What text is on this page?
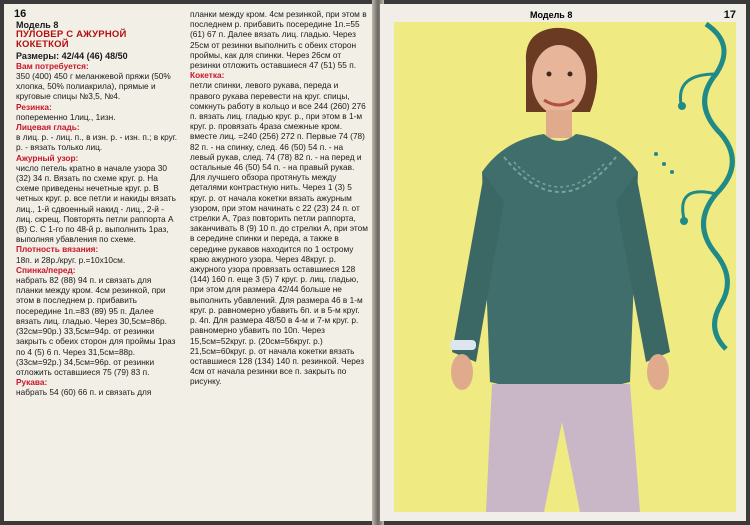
16

Модель 8

ПУЛОВЕР С АЖУРНОЙ КОКЕТКОЙ

Размеры: 42/44 (46) 48/50

Вам потребуется:

350 (400) 450 г меланжевой пряжи (50% хлопка, 50% полиакрила), прямые и круговые спицы №3,5, №4.

Резинка:

попеременно 1лиц., 1изн.

Лицевая гладь:

в лиц. р. - лиц. п., в изн. р. - изн. п.; в круг. р. - вязать только лиц.

Ажурный узор:

число петель кратно в начале узора 30 (32) 34 п. Вязать по схеме круг. р. На схеме приведены нечетные круг. р. В четных круг. р. все петли и накиды вязать лиц., 1-й сдвоенный накид - лиц., 2-й - лиц. скрещ. Повторять петли раппорта А (В) С. С 1-го по 48-й р. выполнить 1раз, выполняя убавления по схеме.

Плотность вязания:

18п. и 28р./круг. р.=10х10см.

Спинка/перед:

набрать 82 (88) 94 п. и связать для планки между кром. 4см резинкой, при этом в последнем р. прибавить посередине 1п.=83 (89) 95 п. Далее вязать лиц. гладью. Через 30,5см=86р. (32см=90р.) 33,5см=94р. от резинки закрыть с обеих сторон для проймы 1раз по 4 (5) 6 п. Через 31,5см=88р. (33см=92р.) 34,5см=96р. от резинки отложить оставшиеся 75 (79) 83 п.

Рукава:

набрать 54 (60) 66 п. и связать для

планки между кром. 4см резинкой, при этом в последнем р. прибавить посередине 1п.=55 (61) 67 п. Далее вязать лиц. гладью. Через 25см от резинки выполнить с обеих сторон проймы, как для спинки. Через 26см от резинки отложить оставшиеся 47 (51) 55 п.

Кокетка:

петли спинки, левого рукава, переда и правого рукава перевести на круг. спицы, сомкнуть работу в кольцо и все 244 (260) 276 п. вязать лиц. гладью круг. р., при этом в 1-м круг. р. провязать 4раза смежные кром. вместе лиц. =240 (256) 272 п. Первые 74 (78) 82 п. - на спинку, след. 46 (50) 54 п. - на левый рукав, след. 74 (78) 82 п. - на перед и остальные 46 (50) 54 п. - на правый рукав. Для лучшего обзора протянуть между деталями контрастную нить. Через 1 (3) 5 круг. р. от начала кокетки вязать ажурным узором, при этом начинать с 22 (23) 24 п. от стрелки А, 7раз повторить петли раппорта, заканчивать 8 (9) 10 п. до стрелки А, при этом в середине спинки и переда, а также в середине рукавов находится по 1 острому краю ажурного узора. Через 48круг. р. ажурного узора провязать оставшиеся 128 (144) 160 п. еще 3 (5) 7 круг. р. лиц. гладью, при этом для размера 42/44 больше не выполнить убавлений. Для размера 46 в 1-м круг. р. равномерно убавить 6п. и в 5-м круг. р. 4п. Для размера 48/50 в 4-м и 7-м круг. р. равномерно убавить по 10п. Через 15,5см=52круг. р. (20см=56круг. р.) 21,5см=60круг. р. от начала кокетки вязать оставшиеся 128 (134) 140 п. резинкой. Через 4см от начала резинки все п. закрыть по рисунку.

Модель 8	17
